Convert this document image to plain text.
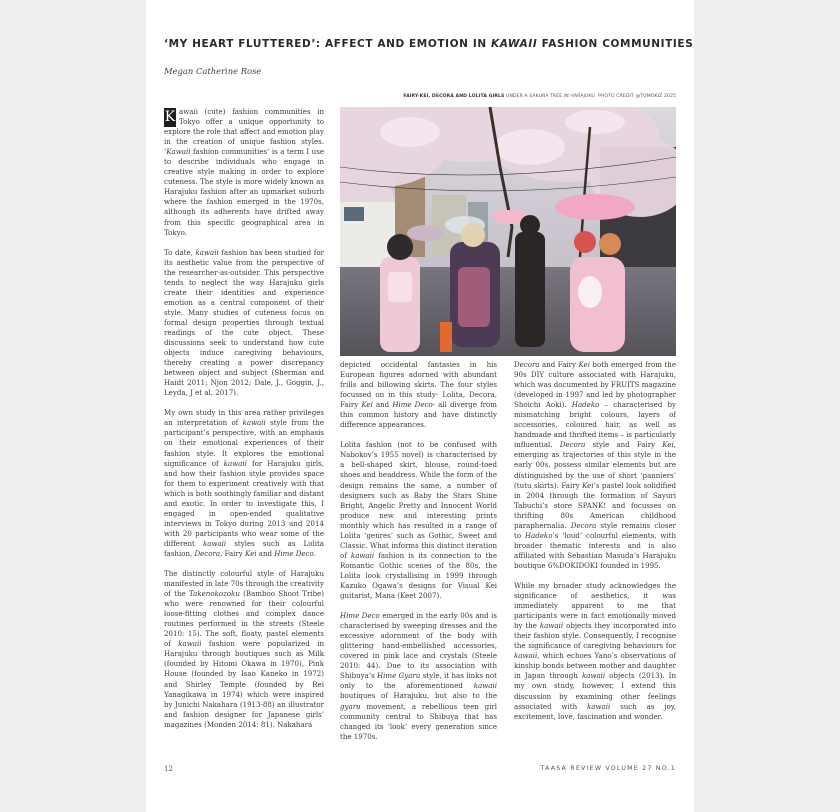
‘MY HEART FLUTTERED’: AFFECT AND EMOTION IN KAWAII FASHION COMMUNITIES
Megan Catherine Rose
FAIRY-KEI, DECORA AND LOLITA GIRLS UNDER A SAKURA TREE IN HARAJUKU. PHOTO CREDIT @TOMOKIZ 2025

K awaii (cute) fashion communities in Tokyo offer a unique opportunity to explore the role that affect and emotion play in the creation of unique fashion styles. ‘Kawaii fashion communities’ is a term I use to describe individuals who engage in creative style making in order to explore cuteness. The style is more widely known as Harajuku fashion after an upmarket suburb where the fashion emerged in the 1970s, although its adherents have drifted away from this specific geographical area in Tokyo.

To date, kawaii fashion has been studied for its aesthetic value from the perspective of the researcher-as-outsider. This perspective tends to neglect the way Harajuku girls create their identities and experience emotion as a central component of their style. Many studies of cuteness focus on formal design properties through textual readings of the cute object. These discussions seek to understand how cute objects induce caregiving behaviours, thereby creating a power discrepancy between object and subject (Sherman and Haidt 2011; Njon 2012; Dale, J., Goggin, J., Leyda, J et al. 2017).

My own study in this area rather privileges an interpretation of kawaii style from the participant’s perspective, with an emphasis on their emotional experiences of their fashion style. It explores the emotional significance of kawaii for Harajuku girls, and how their fashion style provides space for them to experiment creatively with that which is both soothingly familiar and distant and exotic. In order to investigate this, I engaged in open-ended qualitative interviews in Tokyo during 2013 and 2014 with 20 participants who wear some of the different kawaii styles such as Lolita fashion, Decora, Fairy Kei and Hime Deco.

The distinctly colourful style of Harajuku manifested in late 70s through the creativity of the Takenokozoku (Bamboo Shoot Tribe) who were renowned for their colourful loose-fitting clothes and complex dance routines performed in the streets (Steele 2010: 15). The soft, floaty, pastel elements of kawaii fashion were popularized in Harajuku through boutiques such as Milk (founded by Hitomi Okawa in 1970), Pink House (founded by Isao Kaneko in 1972) and Shirley Temple (founded by Rei Yanagikawa in 1974) which were inspired by Junichi Nakahara (1913-88) an illustrator and fashion designer for Japanese girls’ magazines (Monden 2014: 81). Nakahara

depicted occidental fantasies in his European figures adorned with abundant frills and billowing skirts. The four styles focussed on in this study- Lolita, Decora, Fairy Kei and Hime Deco- all diverge from this common history and have distinctly difference appearances.

Lolita fashion (not to be confused with Nabokov’s 1955 novel) is characterised by a bell-shaped skirt, blouse, round-toed shoes and headdress. While the form of the design remains the same, a number of designers such as Baby the Stars Shine Bright, Angelic Pretty and Innocent World produce new and interesting prints monthly which has resulted in a range of Lolita ‘genres’ such as Gothic, Sweet and Classic. What informs this distinct iteration of kawaii fashion is its connection to the Romantic Gothic scenes of the 80s, the Lolita look crystallising in 1999 through Kazuko Ogawa’s designs for Visual Kei guitarist, Mana (Keet 2007).

Hime Deco emerged in the early 00s and is characterised by sweeping dresses and the excessive adornment of the body with glittering hand-embellished accessories, covered in pink lace and crystals (Steele 2010: 44). Due to its association with Shibuya’s Hime Gyaru style, it has links not only to the aforementioned kawaii boutiques of Harajuku, but also to the gyaru movement, a rebellious teen girl community central to Shibuya that has changed its ‘look’ every generation since the 1970s.

Decora and Fairy Kei both emerged from the 90s DIY culture associated with Harajuku, which was documented by FRUITS magazine (developed in 1997 and led by photographer Shoichi Aoki). Hadeko – characterised by mismatching bright colours, layers of accessories, coloured hair, as well as handmade and thrifted items – is particularly influential. Decora style and Fairy Kei, emerging as trajectories of this style in the early 00s, possess similar elements but are distinguished by the use of short ‘panniers’ (tutu skirts). Fairy Kei’s pastel look solidified in 2004 through the formation of Sayuri Tabuchi’s store SPANK! and focusses on thrifting 80s American childhood paraphernalia. Decora style remains closer to Hadeko’s ‘loud’ colourful elements, with broader thematic interests and is also affiliated with Sebastian Masuda’s Harajuku boutique 6%DOKIDOKI founded in 1995.

While my broader study acknowledges the significance of aesthetics, it was immediately apparent to me that participants were in fact emotionally moved by the kawaii objects they incorporated into their fashion style. Consequently, I recognise the significance of caregiving behaviours for kawaii, which echoes Yano’s observations of kinship bonds between mother and daughter in Japan through kawaii objects (2013). In my own study, however, I extend this discussion by examining other feelings associated with kawaii such as joy, excitement, love, fascination and wonder.

12	TAASA REVIEW VOLUME 27 NO.1
